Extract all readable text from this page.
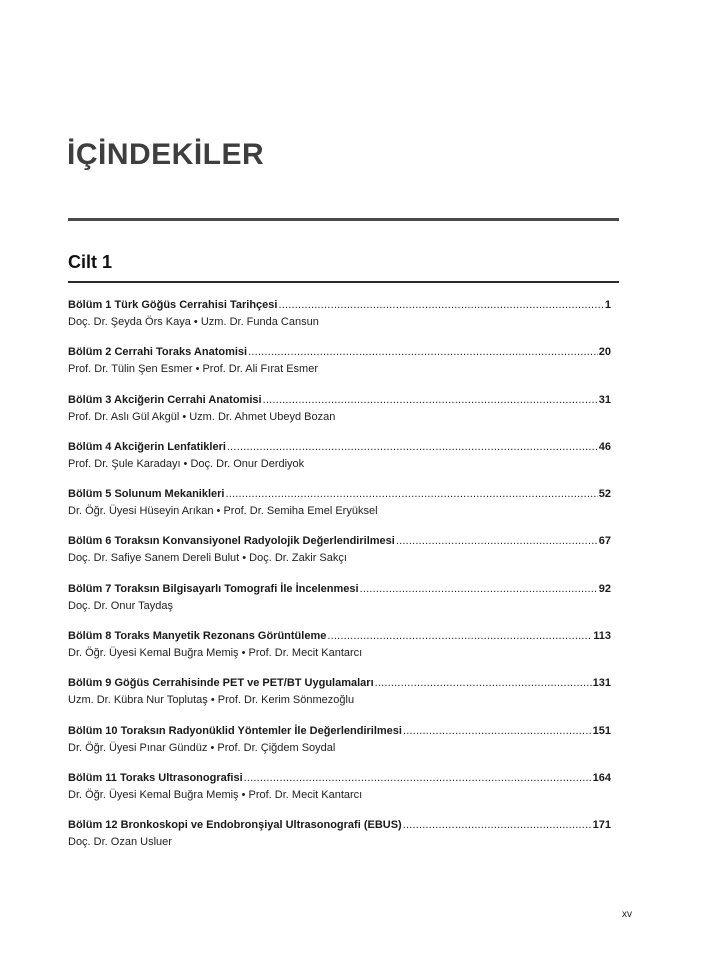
İÇİNDEKİLER
Cilt 1
Bölüm 1 Türk Göğüs Cerrahisi Tarihçesi .....	1
Doç. Dr. Şeyda Örs Kaya • Uzm. Dr. Funda Cansun
Bölüm 2 Cerrahi Toraks Anatomisi .....	20
Prof. Dr. Tülin Şen Esmer • Prof. Dr. Ali Fırat Esmer
Bölüm 3 Akciğerin Cerrahi Anatomisi .....	31
Prof. Dr. Aslı Gül Akgül • Uzm. Dr. Ahmet Ubeyd Bozan
Bölüm 4 Akciğerin Lenfatikleri .....	46
Prof. Dr. Şule Karadayı • Doç. Dr. Onur Derdiyok
Bölüm 5 Solunum Mekanikleri .....	52
Dr. Öğr. Üyesi Hüseyin Arıkan • Prof. Dr. Semiha Emel Eryüksel
Bölüm 6 Toraksın Konvansiyonel Radyolojik Değerlendirilmesi .....	67
Doç. Dr. Safiye Sanem Dereli Bulut • Doç. Dr. Zakir Sakçı
Bölüm 7 Toraksın Bilgisayarlı Tomografi İle İncelenmesi .....	92
Doç. Dr. Onur Taydaş
Bölüm 8 Toraks Manyetik Rezonans Görüntüleme .....	113
Dr. Öğr. Üyesi Kemal Buğra Memiş • Prof. Dr. Mecit Kantarcı
Bölüm 9 Göğüs Cerrahisinde PET ve PET/BT Uygulamaları .....	131
Uzm. Dr. Kübra Nur Toplutaş • Prof. Dr. Kerim Sönmezoğlu
Bölüm 10 Toraksın Radyonüklid Yöntemler İle Değerlendirilmesi .....	151
Dr. Öğr. Üyesi Pınar Gündüz • Prof. Dr. Çiğdem Soydal
Bölüm 11 Toraks Ultrasonografisi .....	164
Dr. Öğr. Üyesi Kemal Buğra Memiş • Prof. Dr. Mecit Kantarcı
Bölüm 12 Bronkoskopi ve Endobronşiyal Ultrasonografi (EBUS) .....	171
Doç. Dr. Ozan Usluer
xv
